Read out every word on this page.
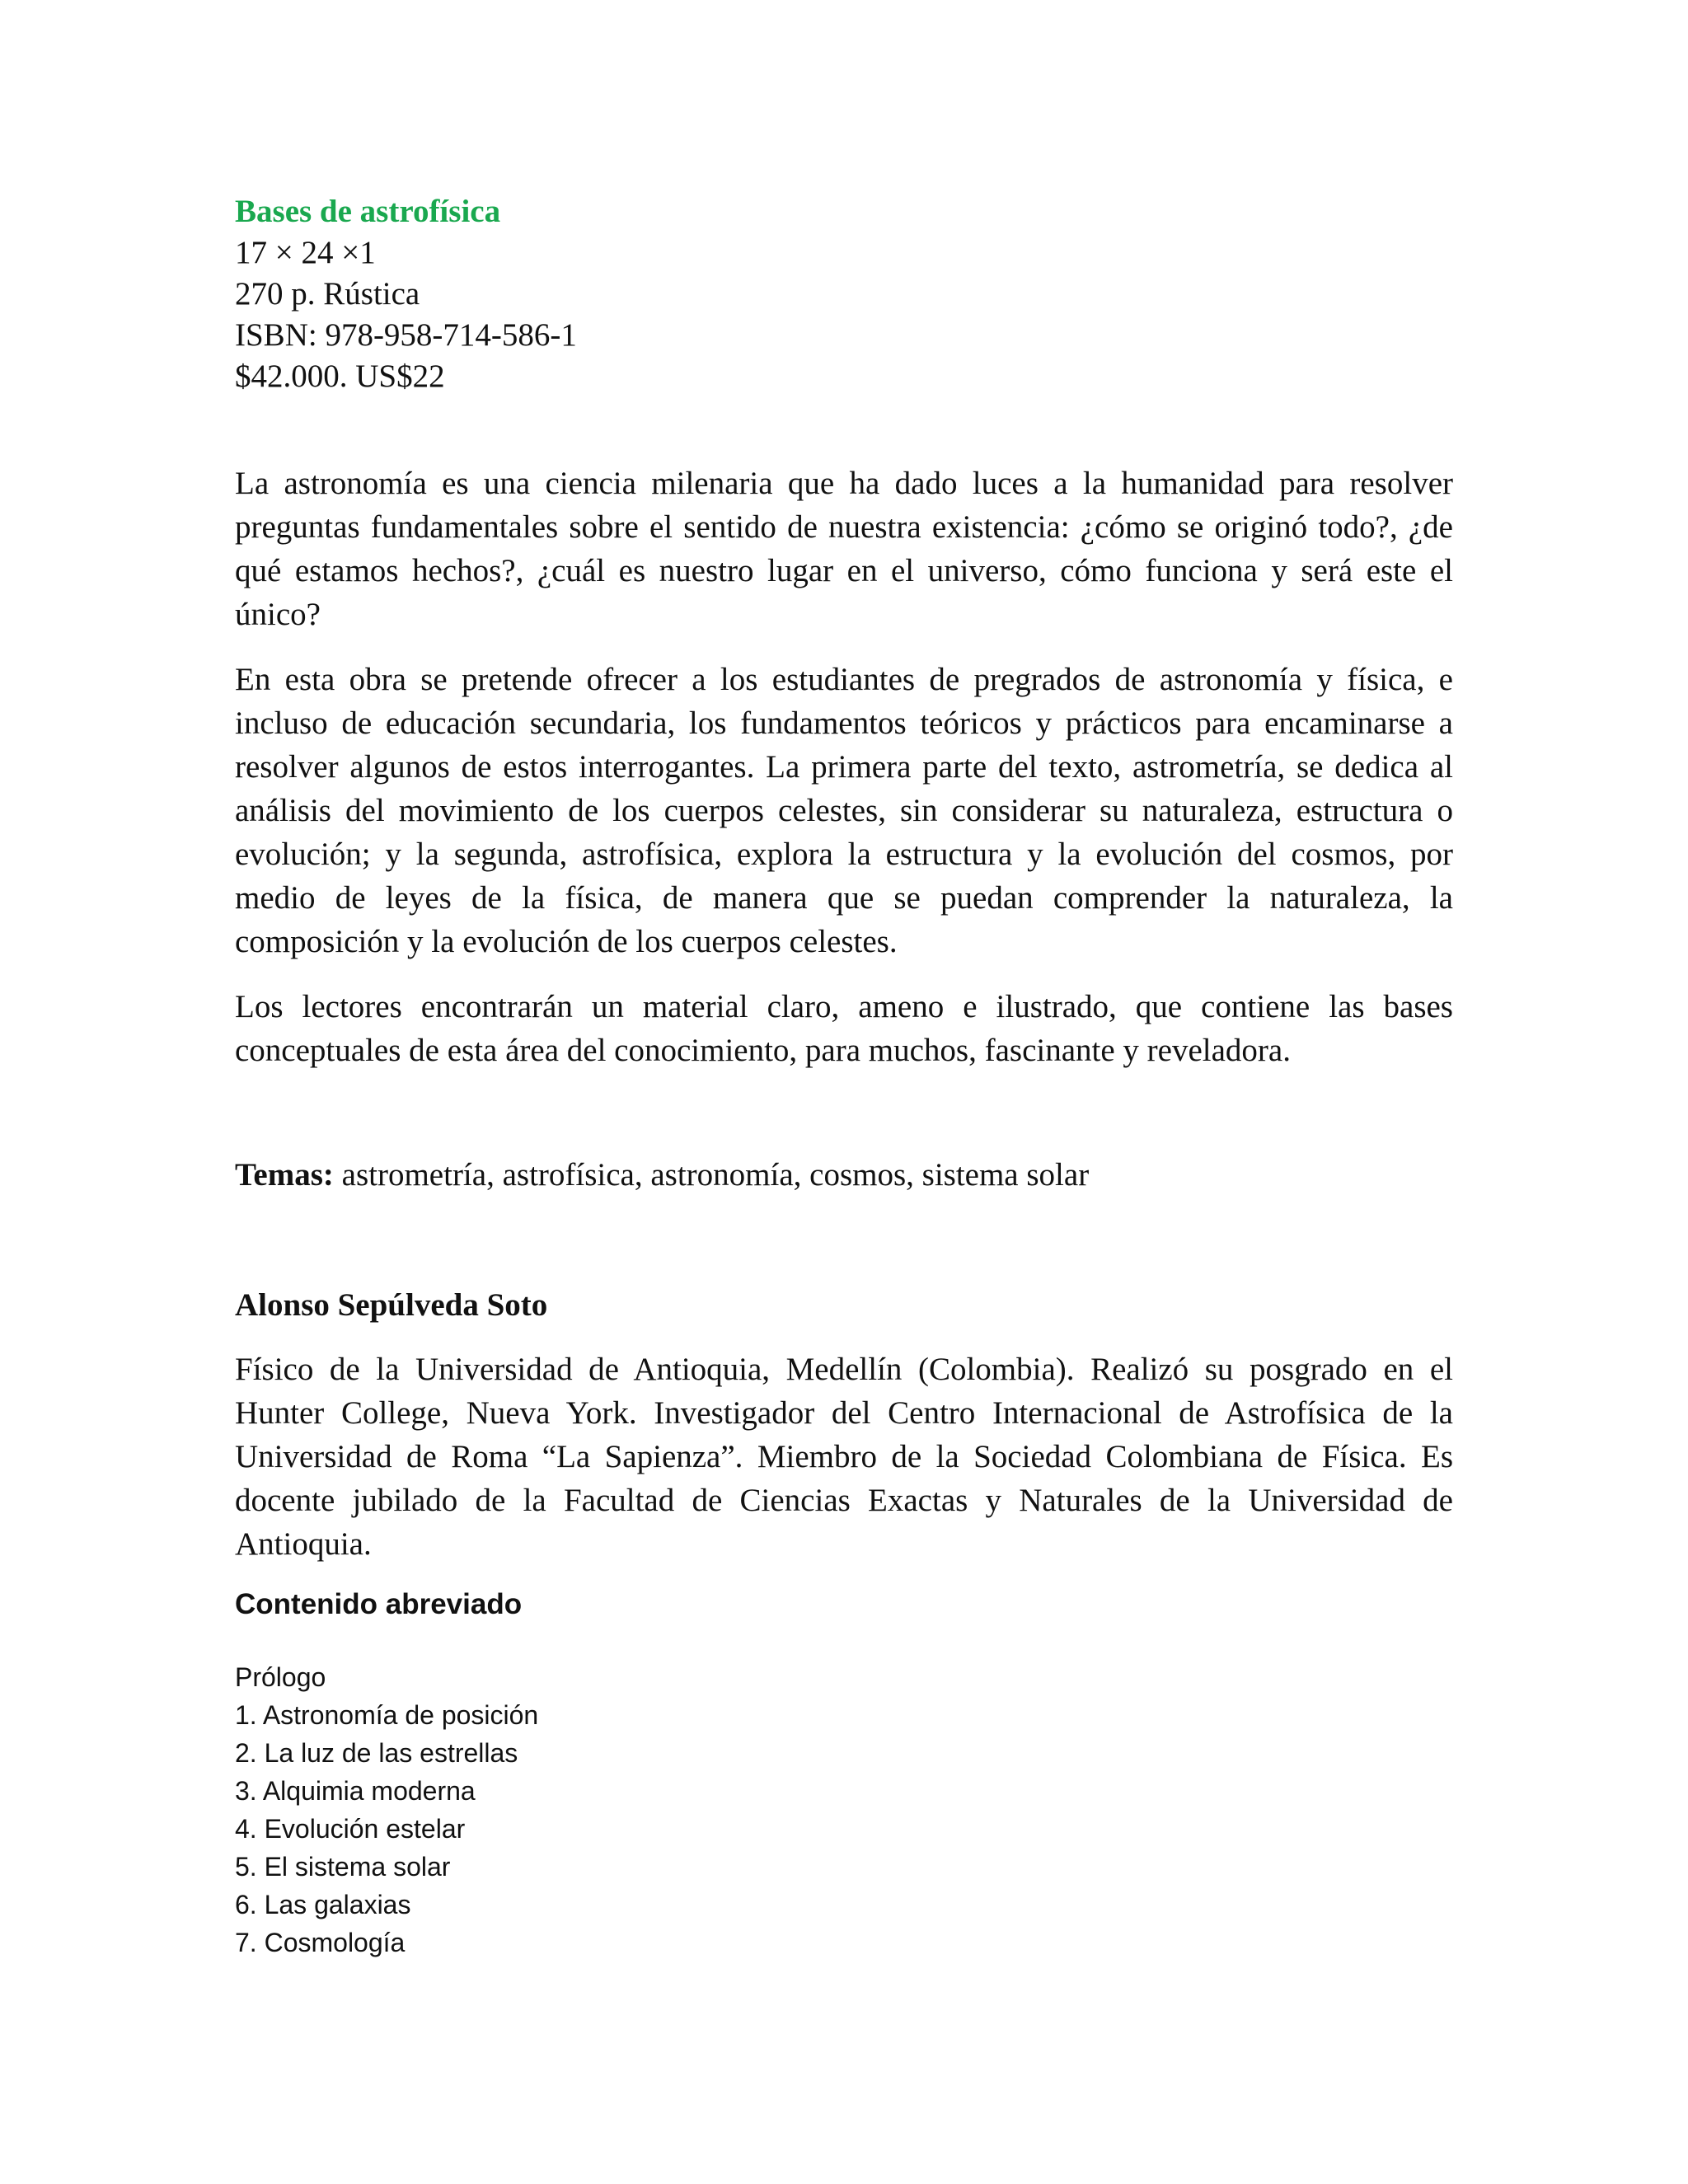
Bases de astrofísica

17 × 24 ×1

270 p. Rústica

ISBN: 978-958-714-586-1

$42.000. US$22

La astronomía es una ciencia milenaria que ha dado luces a la humanidad para resolver preguntas fundamentales sobre el sentido de nuestra existencia: ¿cómo se originó todo?, ¿de qué estamos hechos?, ¿cuál es nuestro lugar en el universo, cómo funciona y será este el único?

En esta obra se pretende ofrecer a los estudiantes de pregrados de astronomía y física, e incluso de educación secundaria, los fundamentos teóricos y prácticos para encaminarse a resolver algunos de estos interrogantes. La primera parte del texto, astrometría, se dedica al análisis del movimiento de los cuerpos celestes, sin considerar su naturaleza, estructura o evolución; y la segunda, astrofísica, explora la estructura y la evolución del cosmos, por medio de leyes de la física, de manera que se puedan comprender la naturaleza, la composición y la evolución de los cuerpos celestes.

Los lectores encontrarán un material claro, ameno e ilustrado, que contiene las bases conceptuales de esta área del conocimiento, para muchos, fascinante y reveladora.

Temas: astrometría, astrofísica, astronomía, cosmos, sistema solar
Alonso Sepúlveda Soto
Físico de la Universidad de Antioquia, Medellín (Colombia). Realizó su posgrado en el Hunter College, Nueva York. Investigador del Centro Internacional de Astrofísica de la Universidad de Roma “La Sapienza”. Miembro de la Sociedad Colombiana de Física. Es docente jubilado de la Facultad de Ciencias Exactas y Naturales de la Universidad de Antioquia.
Contenido abreviado

Prólogo

1. Astronomía de posición

2. La luz de las estrellas

3. Alquimia moderna

4. Evolución estelar

5. El sistema solar

6. Las galaxias

7. Cosmología
